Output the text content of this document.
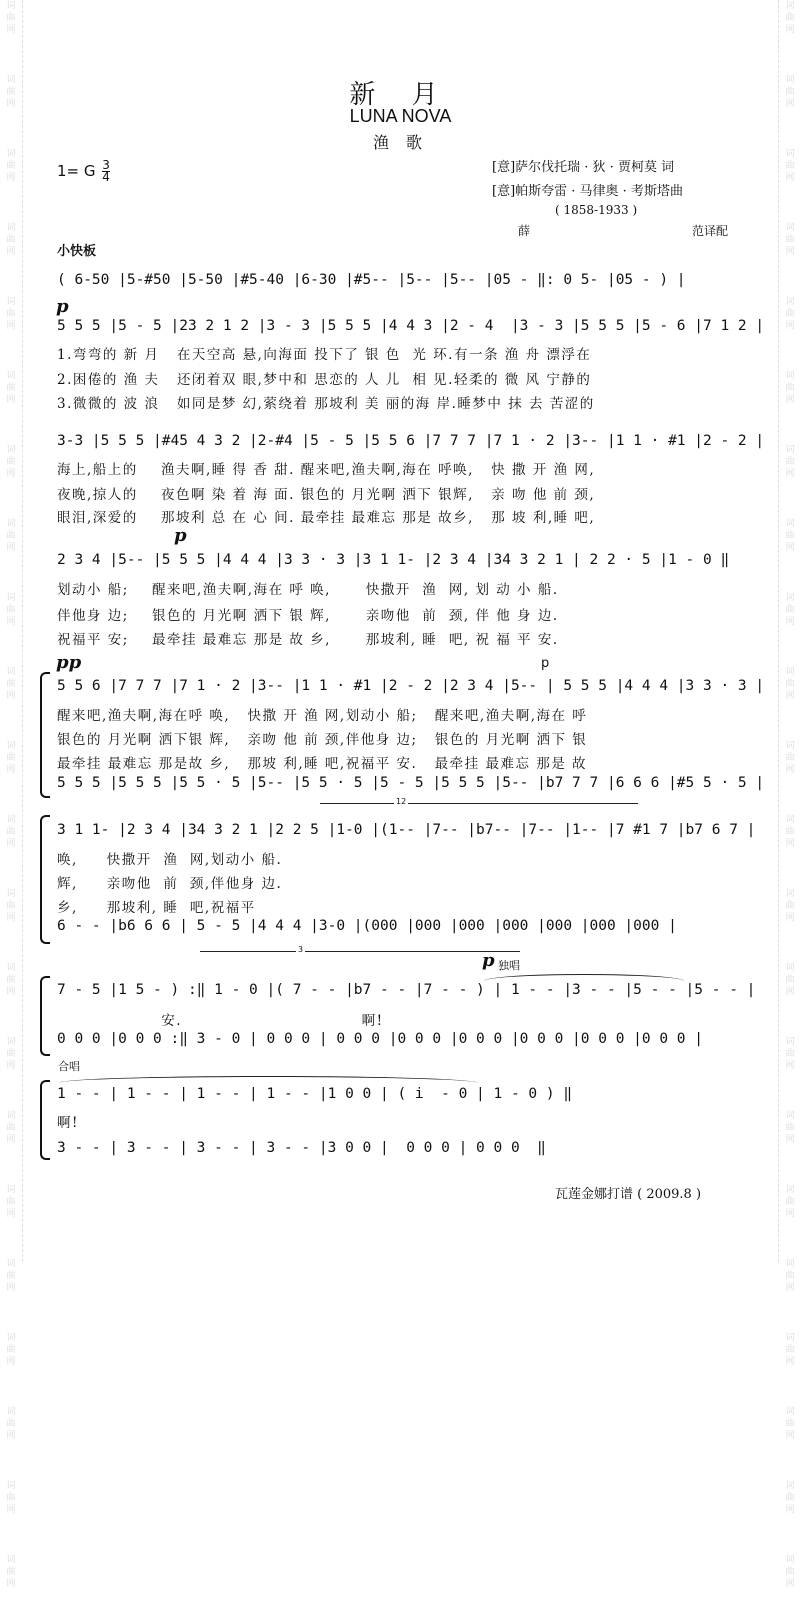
词
曲
网
词
曲
网
词
曲
网
词
曲
网
词
曲
网
词
曲
网
词
曲
网
词
曲
网
词
曲
网
词
曲
网
词
曲
网
词
曲
网
词
曲
网
词
曲
网
词
曲
网
词
曲
网
词
曲
网
词
曲
网
词
曲
网
词
曲
网
词
曲
网
词
曲
网
词
曲
网
词
曲
网
词
曲
网
词
曲
网
词
曲
网
词
曲
网
词
曲
网
词
曲
网
词
曲
网
词
曲
网
词
曲
网
词
曲
网
词
曲
网
词
曲
网
词
曲
网
词
曲
网
词
曲
网
词
曲
网
词
曲
网
词
曲
网
词
曲
网
词
曲
网
新 月
LUNA NOVA
渔 歌
1= G $\frac{3}{4}$	[意]萨尔伐托瑞 · 狄 · 贾柯莫 词
[意]帕斯夸雷 · 马律奥 · 考斯塔曲
( 1858-1933 )
薛	范译配
小快板
( 6-50 |5-#50 |5-50 |#5-40 |6-30 |#5-- |5-- |5-- |05 - ‖: 0 5- |05 - ) |
p
5 5 5 |5 - 5 |23 2 1 2 |3 - 3 |5 5 5 |4 4 3 |2 - 4  |3 - 3 |5 5 5 |5 - 6 |7 1 2 |
1.弯弯的 新 月   在天空高 悬,向海面 投下了 银 色  光 环.有一条 渔 舟 漂浮在
2.困倦的 渔 夫   还闭着双 眼,梦中和 思恋的 人 儿  相 见.轻柔的 微 风 宁静的
3.微微的 波 浪   如同是梦 幻,萦绕着 那坡利 美 丽的海 岸.睡梦中 抹 去 苦涩的
3-3 |5 5 5 |#45 4 3 2 |2-#4 |5 - 5 |5 5 6 |7 7 7 |7 1 · 2 |3-- |1 1 · #1 |2 - 2 |
海上,船上的    渔夫啊,睡 得 香 甜. 醒来吧,渔夫啊,海在 呼唤,   快 撒 开 渔 网,
夜晚,掠人的    夜色啊 染 着 海 面. 银色的 月光啊 洒下 银辉,   亲 吻 他 前 颈,
眼泪,深爱的    那坡利 总 在 心 间. 最牵挂 最难忘 那是 故乡,   那 坡 利,睡 吧,
p
2 3 4 |5-- |5 5 5 |4 4 4 |3 3 · 3 |3 1 1- |2 3 4 |34 3 2 1 | 2 2 · 5 |1 - 0 ‖
划动小 船;    醒来吧,渔夫啊,海在 呼 唤,      快撒开  渔  网, 划 动 小 船.
伴他身 边;    银色的 月光啊 洒下 银 辉,      亲吻他  前  颈, 伴 他 身 边.
祝福平 安;    最牵挂 最难忘 那是 故 乡,      那坡利, 睡  吧, 祝 福 平 安.
pp	p
5 5 6 |7 7 7 |7 1 · 2 |3-- |1 1 · #1 |2 - 2 |2 3 4 |5-- | 5 5 5 |4 4 4 |3 3 · 3 |
醒来吧,渔夫啊,海在呼 唤,   快撒 开 渔 网,划动小 船;   醒来吧,渔夫啊,海在 呼
银色的 月光啊 洒下银 辉,   亲吻 他 前 颈,伴他身 边;   银色的 月光啊 洒下 银
最牵挂 最难忘 那是故 乡,   那坡 利,睡 吧,祝福平 安.   最牵挂 最难忘 那是 故
5 5 5 |5 5 5 |5 5 · 5 |5-- |5 5 · 5 |5 - 5 |5 5 5 |5-- |b7 7 7 |6 6 6 |#5 5 · 5 |
12
3 1 1- |2 3 4 |34 3 2 1 |2 2 5 |1-0 |(1-- |7-- |b7-- |7-- |1-- |7 #1 7 |b7 6 7 |
唤,     快撒开  渔  网,划动小 船.
辉,     亲吻他  前  颈,伴他身 边.
乡,     那坡利, 睡  吧,祝福平
6 - - |b6 6 6 | 5 - 5 |4 4 4 |3-0 |(000 |000 |000 |000 |000 |000 |000 |
3
p 独唱
7 - 5 |1 5 - ) :‖ 1 - 0 |( 7 - - |b7 - - |7 - - ) | 1 - - |3 - - |5 - - |5 - - |
安.                               啊!
0 0 0 |0 0 0 :‖ 3 - 0 | 0 0 0 | 0 0 0 |0 0 0 |0 0 0 |0 0 0 |0 0 0 |0 0 0 |
合唱
1 - - | 1 - - | 1 - - | 1 - - |1 0 0 | ( i  - 0 | 1 - 0 ) ‖
啊!
3 - - | 3 - - | 3 - - | 3 - - |3 0 0 |  0 0 0 | 0 0 0  ‖
瓦莲金娜打谱 ( 2009.8 )
